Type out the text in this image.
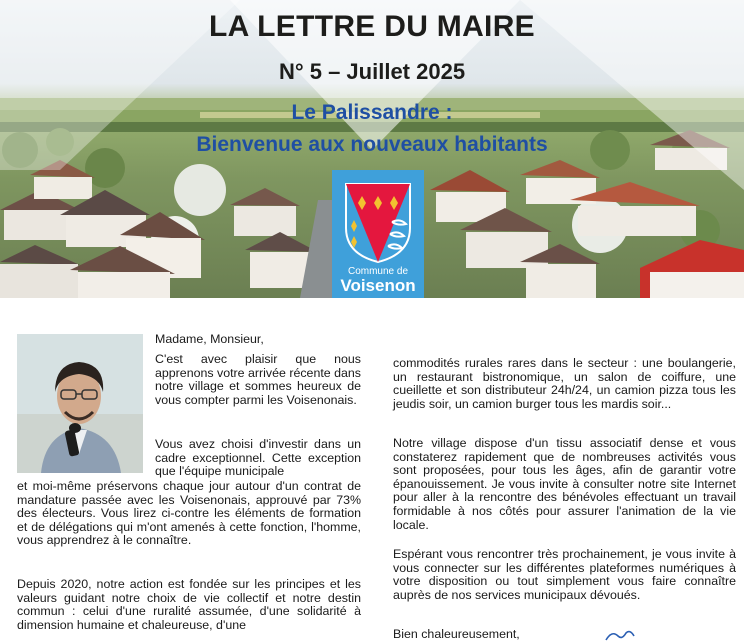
LA LETTRE DU MAIRE
N° 5 – Juillet 2025
Le Palissandre :
Bienvenue aux nouveaux habitants
Commune de
Voisenon
Madame, Monsieur,
C'est avec plaisir que nous apprenons votre arrivée récente dans notre village et sommes heureux de vous compter parmi les Voisenonais.
Vous avez choisi d'investir dans un cadre exceptionnel. Cette exception que l'équipe municipale
et moi-même préservons chaque jour autour d'un contrat de mandature passée avec les Voisenonais, approuvé par 73% des électeurs. Vous lirez ci-contre les éléments de formation et de délégations qui m'ont amenés à cette fonction, l'homme, vous apprendrez à le connaître.
Depuis 2020, notre action est fondée sur les principes et les valeurs guidant notre choix de vie collectif et notre destin commun : celui d'une ruralité assumée, d'une solidarité à dimension humaine et chaleureuse, d'une
commodités rurales rares dans le secteur : une boulangerie, un restaurant bistronomique, un salon de coiffure, une cueillette et son distributeur 24h/24, un camion pizza tous les jeudis soir, un camion burger tous les mardis soir...
Notre village dispose d'un tissu associatif dense et vous constaterez rapidement que de nombreuses activités vous sont proposées, pour tous les âges, afin de garantir votre épanouissement. Je vous invite à consulter notre site Internet pour aller à la rencontre des bénévoles effectuant un travail formidable à nos côtés pour assurer l'animation de la vie locale.
Espérant vous rencontrer très prochainement, je vous invite à vous connecter sur les différentes plateformes numériques à votre disposition ou tout simplement vous faire connaître auprès de nos services municipaux dévoués.
Bien chaleureusement,
